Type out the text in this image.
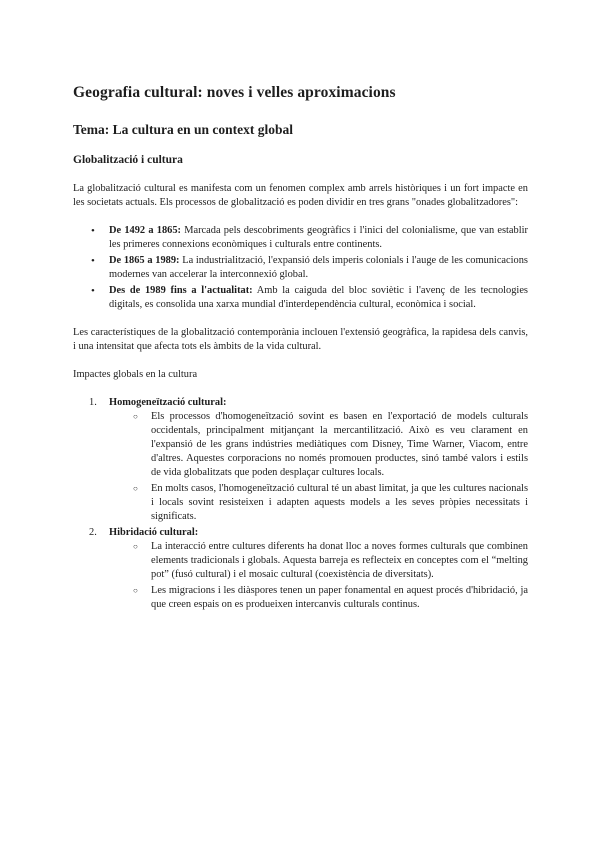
Geografia cultural: noves i velles aproximacions
Tema: La cultura en un context global
Globalització i cultura

La globalització cultural es manifesta com un fenomen complex amb arrels històriques i un fort impacte en les societats actuals. Els processos de globalització es poden dividir en tres grans "onades globalitzadores":

• De 1492 a 1865: Marcada pels descobriments geogràfics i l'inici del colonialisme, que van establir les primeres connexions econòmiques i culturals entre continents.
• De 1865 a 1989: La industrialització, l'expansió dels imperis colonials i l'auge de les comunicacions modernes van accelerar la interconnexió global.
• Des de 1989 fins a l'actualitat: Amb la caiguda del bloc soviètic i l'avenç de les tecnologies digitals, es consolida una xarxa mundial d'interdependència cultural, econòmica i social.

Les característiques de la globalització contemporània inclouen l'extensió geogràfica, la rapidesa dels canvis, i una intensitat que afecta tots els àmbits de la vida cultural.

Impactes globals en la cultura

1. Homogeneïtzació cultural:
○ Els processos d'homogeneïtzació sovint es basen en l'exportació de models culturals occidentals, principalment mitjançant la mercantilització. Això es veu clarament en l'expansió de les grans indústries mediàtiques com Disney, Time Warner, Viacom, entre d'altres. Aquestes corporacions no només promouen productes, sinó també valors i estils de vida globalitzats que poden desplaçar cultures locals.
○ En molts casos, l'homogeneïtzació cultural té un abast limitat, ja que les cultures nacionals i locals sovint resisteixen i adapten aquests models a les seves pròpies necessitats i significats.
2. Hibridació cultural:
○ La interacció entre cultures diferents ha donat lloc a noves formes culturals que combinen elements tradicionals i globals. Aquesta barreja es reflecteix en conceptes com el “melting pot” (fusó cultural) i el mosaic cultural (coexistència de diversitats).
○ Les migracions i les diàspores tenen un paper fonamental en aquest procés d'hibridació, ja que creen espais on es produeixen intercanvis culturals continus.
